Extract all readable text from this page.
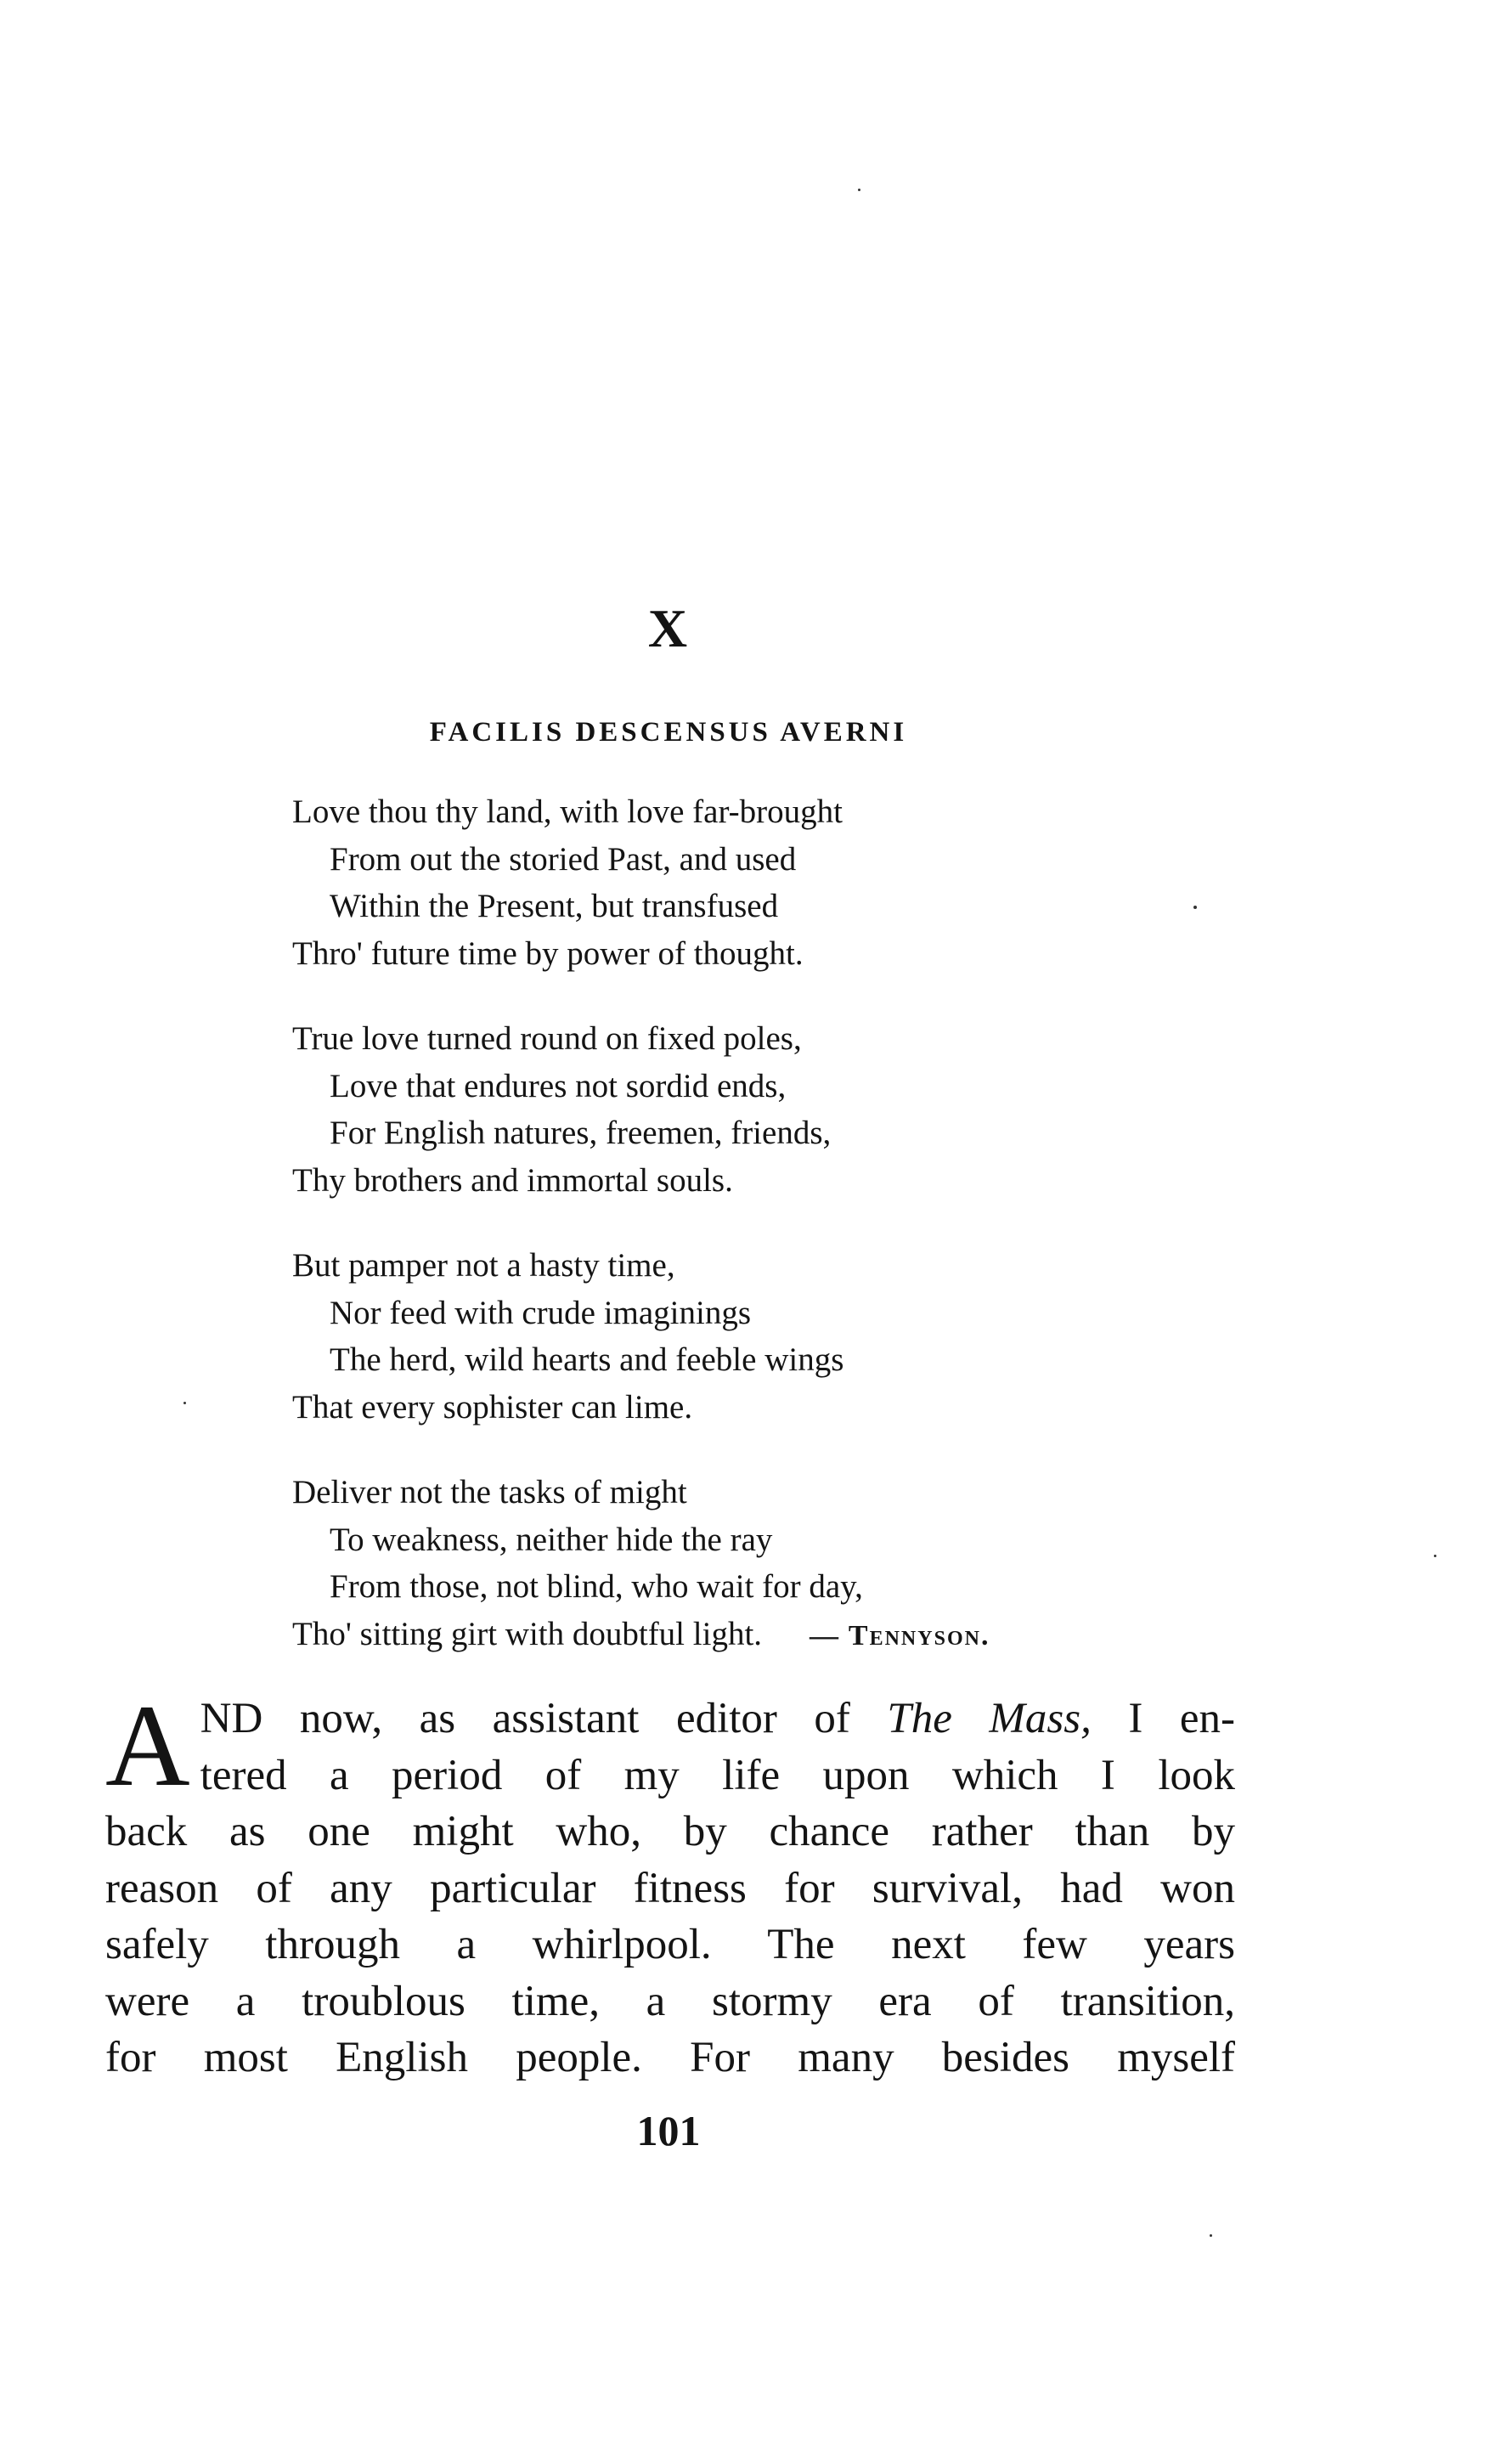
X
FACILIS DESCENSUS AVERNI
Love thou thy land, with love far-brought
From out the storied Past, and used
Within the Present, but transfused
Thro' future time by power of thought.
True love turned round on fixed poles,
Love that endures not sordid ends,
For English natures, freemen, friends,
Thy brothers and immortal souls.
But pamper not a hasty time,
Nor feed with crude imaginings
The herd, wild hearts and feeble wings
That every sophister can lime.
Deliver not the tasks of might
To weakness, neither hide the ray
From those, not blind, who wait for day,
Tho' sitting girt with doubtful light. — Tennyson.

A ND now, as assistant editor of The Mass, I en-
tered a period of my life upon which I look
back as one might who, by chance rather than by
reason of any particular fitness for survival, had won
safely through a whirlpool. The next few years
were a troublous time, a stormy era of transition,
for most English people. For many besides myself

101
